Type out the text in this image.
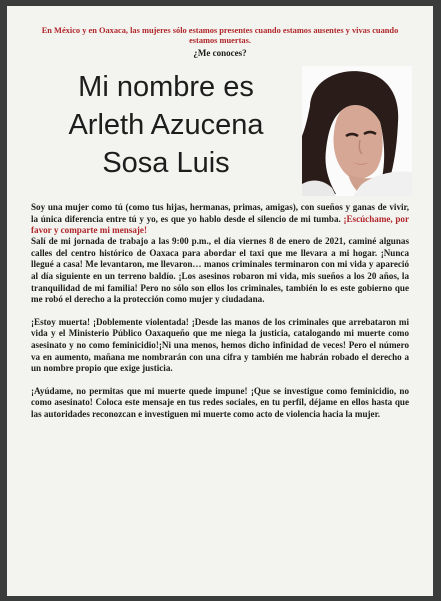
En México y en Oaxaca, las mujeres sólo estamos presentes cuando estamos ausentes y vivas cuando estamos muertas.
¿Me conoces?
Mi nombre es
Arleth Azucena
Sosa Luis

Soy una mujer como tú (como tus hijas, hermanas, primas, amigas), con sueños y ganas de vivir, la única diferencia entre tú y yo, es que yo hablo desde el silencio de mi tumba. ¡Escúchame, por favor y comparte mi mensaje!

Salí de mi jornada de trabajo a las 9:00 p.m., el día viernes 8 de enero de 2021, caminé algunas calles del centro histórico de Oaxaca para abordar el taxi que me llevara a mi hogar. ¡Nunca llegué a casa! Me levantaron, me llevaron… manos criminales terminaron con mi vida y apareció al día siguiente en un terreno baldío. ¡Los asesinos robaron mi vida, mis sueños a los 20 años, la tranquilidad de mi familia! Pero no sólo son ellos los criminales, también lo es este gobierno que me robó el derecho a la protección como mujer y ciudadana.

¡Estoy muerta! ¡Doblemente violentada! ¡Desde las manos de los criminales que arrebataron mi vida y el Ministerio Público Oaxaqueño que me niega la justicia, catalogando mi muerte como asesinato y no como feminicidio!¡Ni una menos, hemos dicho infinidad de veces! Pero el número va en aumento, mañana me nombrarán con una cifra y también me habrán robado el derecho a un nombre propio que exige justicia.

¡Ayúdame, no permitas que mi muerte quede impune! ¡Que se investigue como feminicidio, no como asesinato! Coloca este mensaje en tus redes sociales, en tu perfil, déjame en ellos hasta que las autoridades reconozcan e investiguen mi muerte como acto de violencia hacia la mujer.
